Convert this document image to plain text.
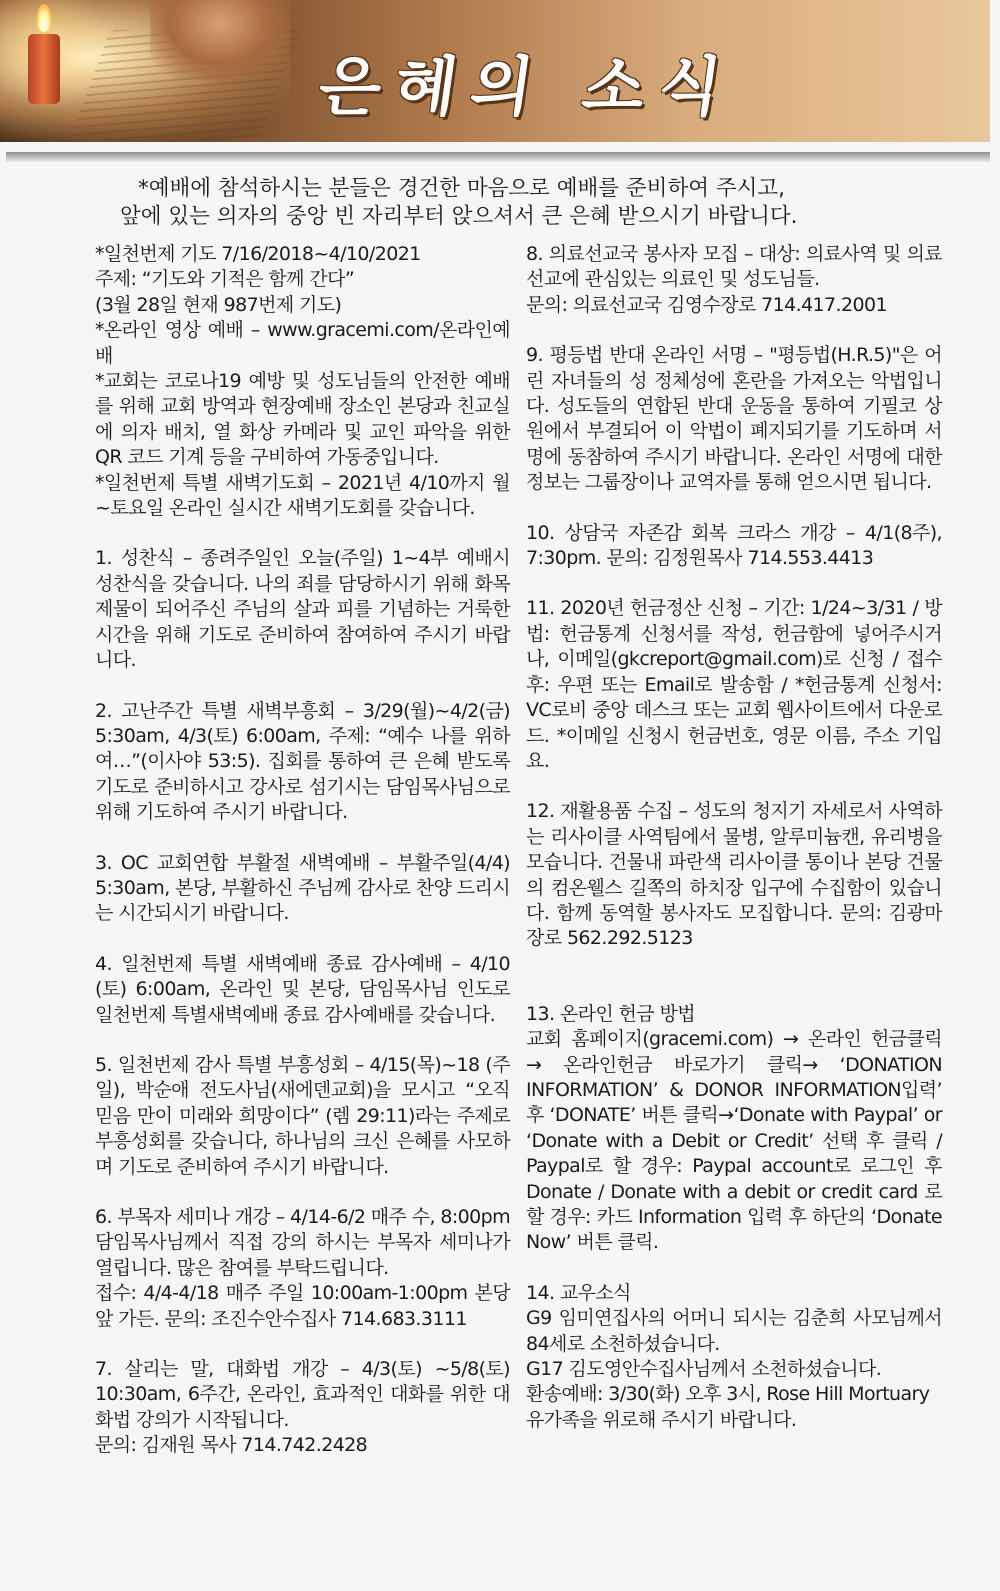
은혜의 소식

*예배에 참석하시는 분들은 경건한 마음으로 예배를 준비하여 주시고,

앞에 있는 의자의 중앙 빈 자리부터 앉으셔서 큰 은혜 받으시기 바랍니다.

*일천번제 기도 7/16/2018~4/10/2021
주제: “기도와 기적은 함께 간다”
(3월 28일 현재 987번제 기도)
*온라인 영상 예배 – www.gracemi.com/온라인예배
*교회는 코로나19 예방 및 성도님들의 안전한 예배를 위해 교회 방역과 현장예배 장소인 본당과 친교실에 의자 배치, 열 화상 카메라 및 교인 파악을 위한 QR 코드 기계 등을 구비하여 가동중입니다.
*일천번제 특별 새벽기도회 – 2021년 4/10까지 월~토요일 온라인 실시간 새벽기도회를 갖습니다.

1. 성찬식 – 종려주일인 오늘(주일) 1~4부 예배시 성찬식을 갖습니다. 나의 죄를 담당하시기 위해 화목제물이 되어주신 주님의 살과 피를 기념하는 거룩한 시간을 위해 기도로 준비하여 참여하여 주시기 바랍니다.

2. 고난주간 특별 새벽부흥회 – 3/29(월)~4/2(금) 5:30am, 4/3(토) 6:00am, 주제: “예수 나를 위하여…”(이사야 53:5). 집회를 통하여 큰 은혜 받도록 기도로 준비하시고 강사로 섬기시는 담임목사님으로 위해 기도하여 주시기 바랍니다.

3. OC 교회연합 부활절 새벽예배 – 부활주일(4/4) 5:30am, 본당, 부활하신 주님께 감사로 찬양 드리시는 시간되시기 바랍니다.

4. 일천번제 특별 새벽예배 종료 감사예배 – 4/10 (토) 6:00am, 온라인 및 본당, 담임목사님 인도로 일천번제 특별새벽예배 종료 감사예배를 갖습니다.

5. 일천번제 감사 특별 부흥성회 – 4/15(목)~18 (주일), 박순애 전도사님(새에덴교회)을 모시고 “오직 믿음 만이 미래와 희망이다” (렘 29:11)라는 주제로 부흥성회를 갖습니다, 하나님의 크신 은혜를 사모하며 기도로 준비하여 주시기 바랍니다.

6. 부목자 세미나 개강 – 4/14-6/2 매주 수, 8:00pm 담임목사님께서 직접 강의 하시는 부목자 세미나가 열립니다. 많은 참여를 부탁드립니다.
접수: 4/4-4/18 매주 주일 10:00am-1:00pm 본당 앞 가든. 문의: 조진수안수집사 714.683.3111

7. 살리는 말, 대화법 개강 – 4/3(토) ~5/8(토) 10:30am, 6주간, 온라인, 효과적인 대화를 위한 대화법 강의가 시작됩니다.
문의: 김재원 목사 714.742.2428

8. 의료선교국 봉사자 모집 – 대상: 의료사역 및 의료선교에 관심있는 의료인 및 성도님들.
문의: 의료선교국 김영수장로 714.417.2001

9. 평등법 반대 온라인 서명 – "평등법(H.R.5)"은 어린 자녀들의 성 정체성에 혼란을 가져오는 악법입니다. 성도들의 연합된 반대 운동을 통하여 기필코 상원에서 부결되어 이 악법이 폐지되기를 기도하며 서명에 동참하여 주시기 바랍니다. 온라인 서명에 대한 정보는 그룹장이나 교역자를 통해 얻으시면 됩니다.

10. 상담국 자존감 회복 크라스 개강 – 4/1(8주), 7:30pm. 문의: 김정원목사 714.553.4413

11. 2020년 헌금정산 신청 – 기간: 1/24~3/31 / 방법: 헌금통계 신청서를 작성, 헌금함에 넣어주시거나, 이메일(gkcreport@gmail.com)로 신청 / 접수 후: 우편 또는 Email로 발송함 / *헌금통계 신청서: VC로비 중앙 데스크 또는 교회 웹사이트에서 다운로드. *이메일 신청시 헌금번호, 영문 이름, 주소 기입요.

12. 재활용품 수집 – 성도의 청지기 자세로서 사역하는 리사이클 사역팀에서 물병, 알루미늄캔, 유리병을 모습니다. 건물내 파란색 리사이클 통이나 본당 건물의 컴온웰스 길쪽의 하치장 입구에 수집함이 있습니다. 함께 동역할 봉사자도 모집합니다. 문의: 김광마 장로 562.292.5123

13. 온라인 헌금 방법
교회 홈페이지(gracemi.com) → 온라인 헌금클릭 → 온라인헌금 바로가기 클릭→ ‘DONATION INFORMATION’ & DONOR INFORMATION입력’ 후 ‘DONATE’ 버튼 클릭→‘Donate with Paypal’ or ‘Donate with a Debit or Credit’ 선택 후 클릭 / Paypal로 할 경우: Paypal account로 로그인 후 Donate / Donate with a debit or credit card 로 할 경우: 카드 Information 입력 후 하단의 ‘Donate Now’ 버튼 클릭.

14. 교우소식
G9 임미연집사의 어머니 되시는 김춘희 사모님께서 84세로 소천하셨습니다.
G17 김도영안수집사님께서 소천하셨습니다.
환송예배: 3/30(화) 오후 3시, Rose Hill Mortuary
유가족을 위로해 주시기 바랍니다.
